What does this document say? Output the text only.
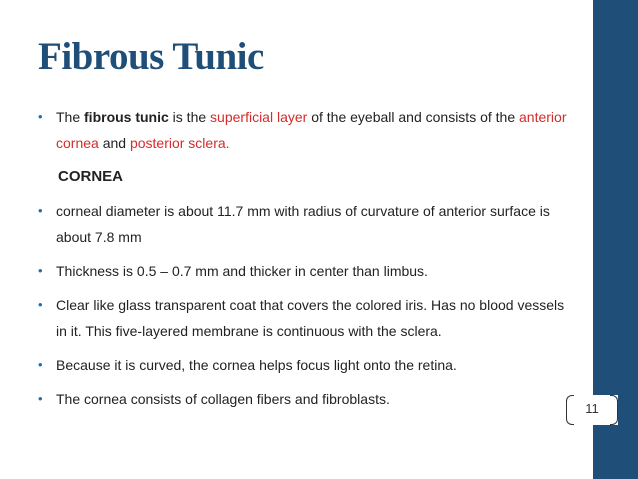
Fibrous Tunic
• The fibrous tunic is the superficial layer of the eyeball and consists of the anterior cornea and posterior sclera.
CORNEA
• corneal diameter is about 11.7 mm with radius of curvature of anterior surface is about 7.8 mm
• Thickness is 0.5 – 0.7 mm and thicker in center than limbus.
• Clear like glass transparent coat that covers the colored iris. Has no blood vessels in it. This five-layered membrane is continuous with the sclera.
• Because it is curved, the cornea helps focus light onto the retina.
• The cornea consists of collagen fibers and fibroblasts.
11
